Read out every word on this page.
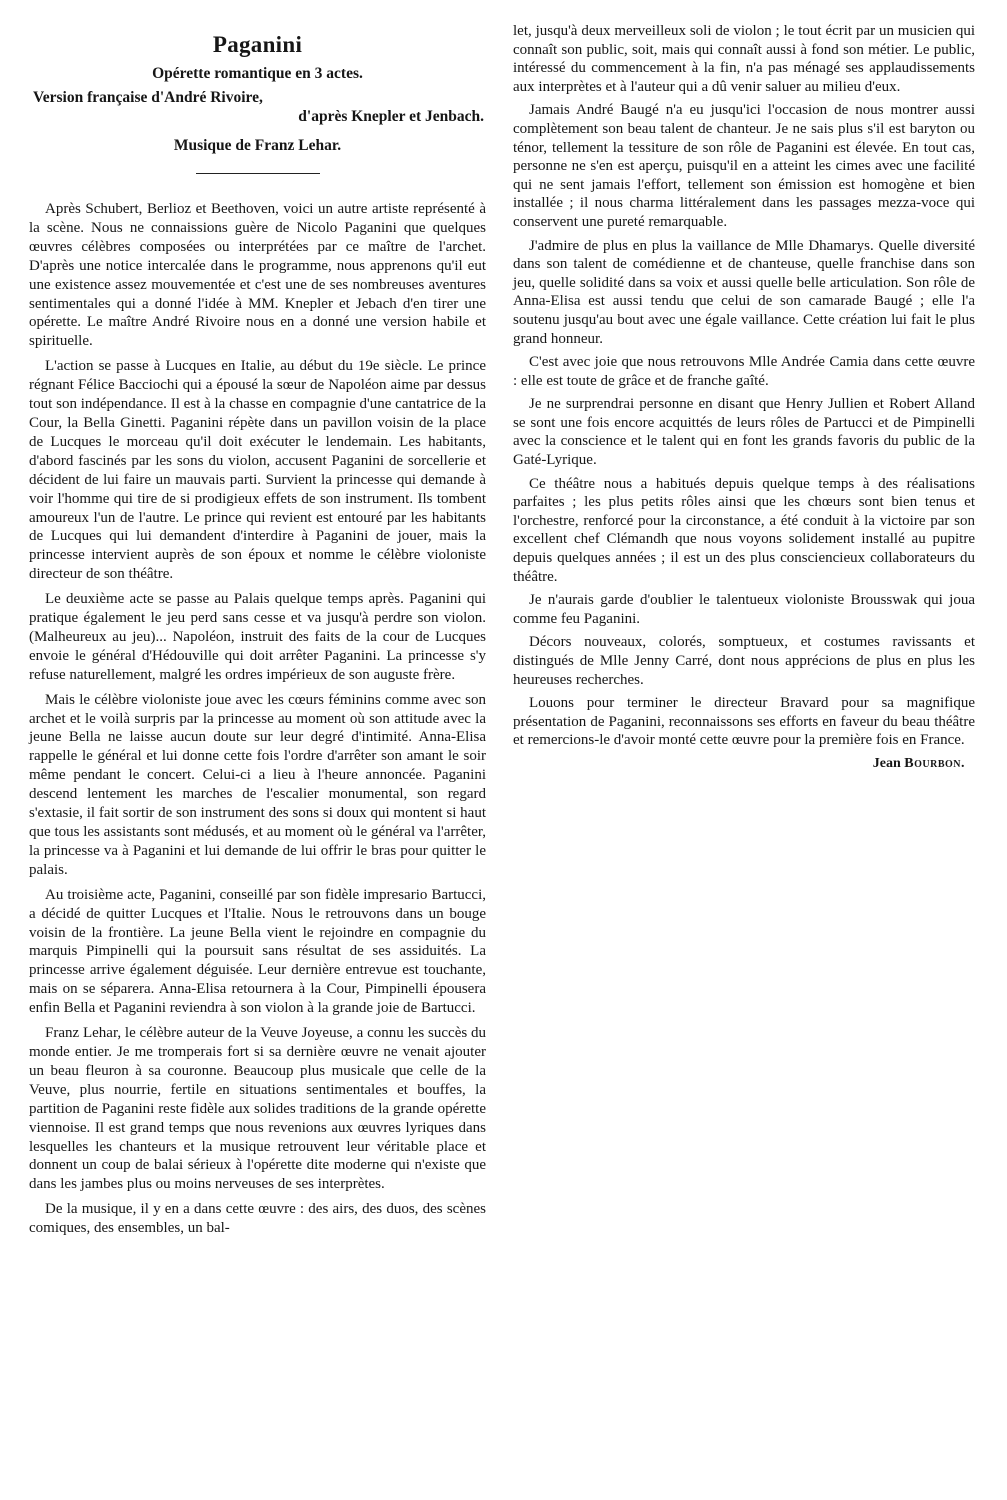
Paganini
Opérette romantique en 3 actes.
Version française d'André Rivoire,
d'après Knepler et Jenbach.
Musique de Franz Lehar.

Après Schubert, Berlioz et Beethoven, voici un autre artiste représenté à la scène. Nous ne connaissions guère de Nicolo Paganini que quelques œuvres célèbres composées ou interprétées par ce maître de l'archet. D'après une notice intercalée dans le programme, nous apprenons qu'il eut une existence assez mouvementée et c'est une de ses nombreuses aventures sentimentales qui a donné l'idée à MM. Knepler et Jebach d'en tirer une opérette. Le maître André Rivoire nous en a donné une version habile et spirituelle.

L'action se passe à Lucques en Italie, au début du 19e siècle. Le prince régnant Félice Bacciochi qui a épousé la sœur de Napoléon aime par dessus tout son indépendance. Il est à la chasse en compagnie d'une cantatrice de la Cour, la Bella Ginetti. Paganini répète dans un pavillon voisin de la place de Lucques le morceau qu'il doit exécuter le lendemain. Les habitants, d'abord fascinés par les sons du violon, accusent Paganini de sorcellerie et décident de lui faire un mauvais parti. Survient la princesse qui demande à voir l'homme qui tire de si prodigieux effets de son instrument. Ils tombent amoureux l'un de l'autre. Le prince qui revient est entouré par les habitants de Lucques qui lui demandent d'interdire à Paganini de jouer, mais la princesse intervient auprès de son époux et nomme le célèbre violoniste directeur de son théâtre.

Le deuxième acte se passe au Palais quelque temps après. Paganini qui pratique également le jeu perd sans cesse et va jusqu'à perdre son violon. (Malheureux au jeu)... Napoléon, instruit des faits de la cour de Lucques envoie le général d'Hédouville qui doit arrêter Paganini. La princesse s'y refuse naturellement, malgré les ordres impérieux de son auguste frère.

Mais le célèbre violoniste joue avec les cœurs féminins comme avec son archet et le voilà surpris par la princesse au moment où son attitude avec la jeune Bella ne laisse aucun doute sur leur degré d'intimité. Anna-Elisa rappelle le général et lui donne cette fois l'ordre d'arrêter son amant le soir même pendant le concert. Celui-ci a lieu à l'heure annoncée. Paganini descend lentement les marches de l'escalier monumental, son regard s'extasie, il fait sortir de son instrument des sons si doux qui montent si haut que tous les assistants sont médusés, et au moment où le général va l'arrêter, la princesse va à Paganini et lui demande de lui offrir le bras pour quitter le palais.

Au troisième acte, Paganini, conseillé par son fidèle impresario Bartucci, a décidé de quitter Lucques et l'Italie. Nous le retrouvons dans un bouge voisin de la frontière. La jeune Bella vient le rejoindre en compagnie du marquis Pimpinelli qui la poursuit sans résultat de ses assiduités. La princesse arrive également déguisée. Leur dernière entrevue est touchante, mais on se séparera. Anna-Elisa retournera à la Cour, Pimpinelli épousera enfin Bella et Paganini reviendra à son violon à la grande joie de Bartucci.

Franz Lehar, le célèbre auteur de la Veuve Joyeuse, a connu les succès du monde entier. Je me tromperais fort si sa dernière œuvre ne venait ajouter un beau fleuron à sa couronne. Beaucoup plus musicale que celle de la Veuve, plus nourrie, fertile en situations sentimentales et bouffes, la partition de Paganini reste fidèle aux solides traditions de la grande opérette viennoise. Il est grand temps que nous revenions aux œuvres lyriques dans lesquelles les chanteurs et la musique retrouvent leur véritable place et donnent un coup de balai sérieux à l'opérette dite moderne qui n'existe que dans les jambes plus ou moins nerveuses de ses interprètes.

De la musique, il y en a dans cette œuvre : des airs, des duos, des scènes comiques, des ensembles, un bal-

let, jusqu'à deux merveilleux soli de violon ; le tout écrit par un musicien qui connaît son public, soit, mais qui connaît aussi à fond son métier. Le public, intéressé du commencement à la fin, n'a pas ménagé ses applaudissements aux interprètes et à l'auteur qui a dû venir saluer au milieu d'eux.

Jamais André Baugé n'a eu jusqu'ici l'occasion de nous montrer aussi complètement son beau talent de chanteur. Je ne sais plus s'il est baryton ou ténor, tellement la tessiture de son rôle de Paganini est élevée. En tout cas, personne ne s'en est aperçu, puisqu'il en a atteint les cimes avec une facilité qui ne sent jamais l'effort, tellement son émission est homogène et bien installée ; il nous charma littéralement dans les passages mezza-voce qui conservent une pureté remarquable.

J'admire de plus en plus la vaillance de Mlle Dhamarys. Quelle diversité dans son talent de comédienne et de chanteuse, quelle franchise dans son jeu, quelle solidité dans sa voix et aussi quelle belle articulation. Son rôle de Anna-Elisa est aussi tendu que celui de son camarade Baugé ; elle l'a soutenu jusqu'au bout avec une égale vaillance. Cette création lui fait le plus grand honneur.

C'est avec joie que nous retrouvons Mlle Andrée Camia dans cette œuvre : elle est toute de grâce et de franche gaîté.

Je ne surprendrai personne en disant que Henry Jullien et Robert Alland se sont une fois encore acquittés de leurs rôles de Partucci et de Pimpinelli avec la conscience et le talent qui en font les grands favoris du public de la Gaté-Lyrique.

Ce théâtre nous a habitués depuis quelque temps à des réalisations parfaites ; les plus petits rôles ainsi que les chœurs sont bien tenus et l'orchestre, renforcé pour la circonstance, a été conduit à la victoire par son excellent chef Clémandh que nous voyons solidement installé au pupitre depuis quelques années ; il est un des plus consciencieux collaborateurs du théâtre.

Je n'aurais garde d'oublier le talentueux violoniste Brousswak qui joua comme feu Paganini.

Décors nouveaux, colorés, somptueux, et costumes ravissants et distingués de Mlle Jenny Carré, dont nous apprécions de plus en plus les heureuses recherches.

Louons pour terminer le directeur Bravard pour sa magnifique présentation de Paganini, reconnaissons ses efforts en faveur du beau théâtre et remercions-le d'avoir monté cette œuvre pour la première fois en France.

Jean Bourbon.
